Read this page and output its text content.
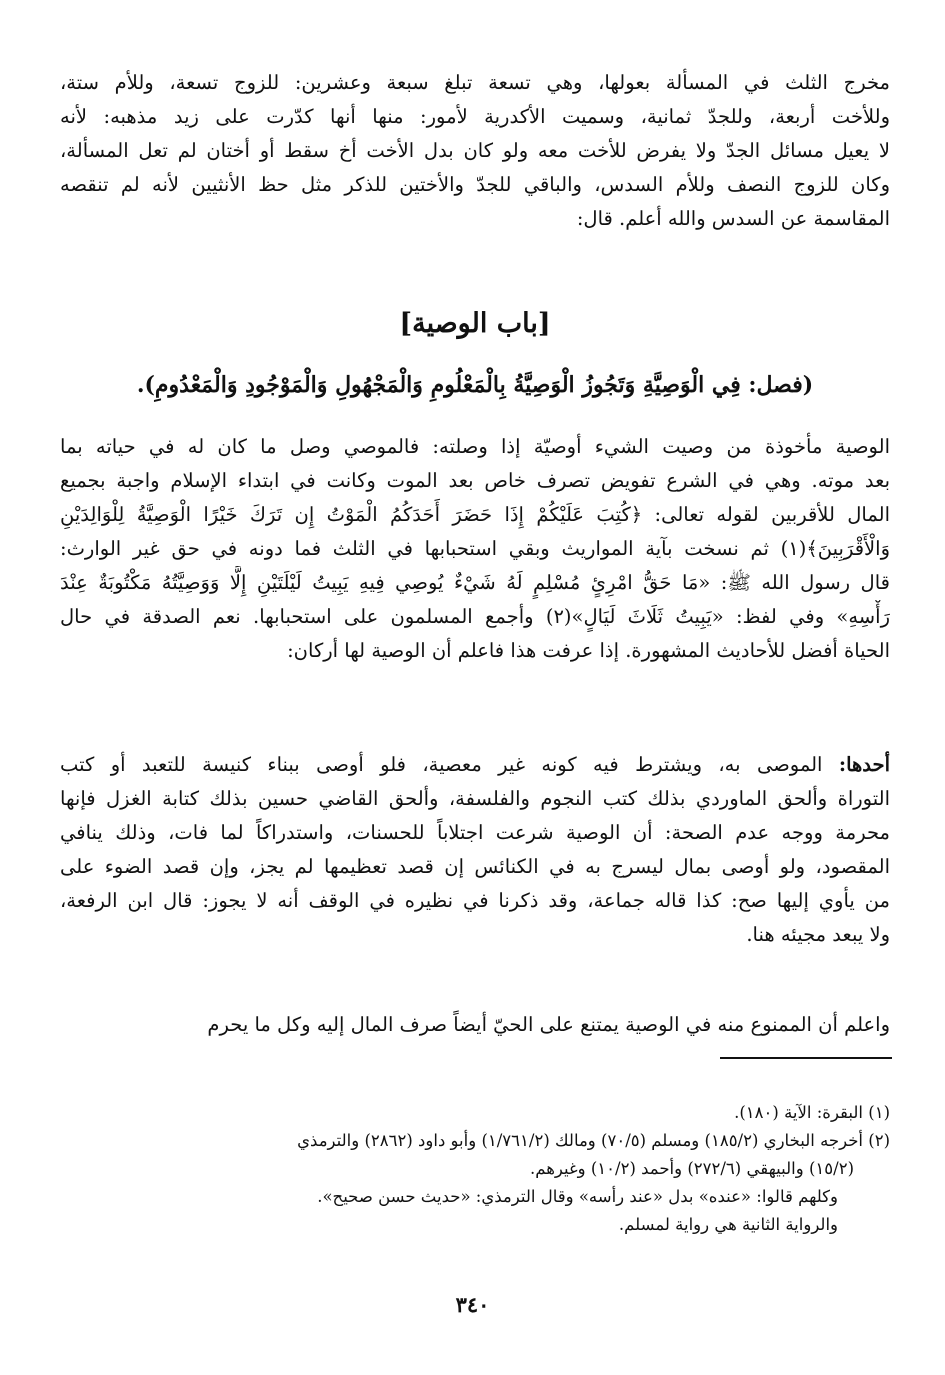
مخرج الثلث في المسألة بعولها، وهي تسعة تبلغ سبعة وعشرين: للزوج تسعة، وللأم ستة،
وللأخت أربعة، وللجدّ ثمانية، وسميت الأكدرية لأمور: منها أنها كدّرت على زيد مذهبه: لأنه
لا يعيل مسائل الجدّ ولا يفرض للأخت معه ولو كان بدل الأخت أخ سقط أو أختان لم تعل المسألة،
وكان للزوج النصف وللأم السدس، والباقي للجدّ والأختين للذكر مثل حظ الأنثيين لأنه لم تنقصه
المقاسمة عن السدس والله أعلم. قال:
[باب الوصية]
(فصل: فِي الْوَصِيَّةِ وَتَجُوزُ الْوَصِيَّةُ بِالْمَعْلُومِ وَالْمَجْهُولِ وَالْمَوْجُودِ وَالْمَعْدُومِ).
الوصية مأخوذة من وصيت الشيء أوصيّة إذا وصلته: فالموصي وصل ما كان له في حياته بما
بعد موته. وهي في الشرع تفويض تصرف خاص بعد الموت وكانت في ابتداء الإسلام واجبة بجميع
المال للأقربين لقوله تعالى: ﴿كُتِبَ عَلَيْكُمْ إِذَا حَضَرَ أَحَدَكُمُ الْمَوْتُ إِن تَرَكَ خَيْرًا الْوَصِيَّةُ لِلْوَالِدَيْنِ
وَالْأَقْرَبِينَ﴾(١) ثم نسخت بآية المواريث وبقي استحبابها في الثلث فما دونه في حق غير الوارث:
قال رسول الله ﷺ: «مَا حَقُّ امْرِئٍ مُسْلِمٍ لَهُ شَيْءٌ يُوصِي فِيهِ يَبِيتُ لَيْلَتَيْنِ إِلَّا وَوَصِيَّتُهُ مَكْتُوبَةٌ عِنْدَ
رَأْسِهِ» وفي لفظ: «يَبِيتُ ثَلَاثَ لَيَالٍ»(٢) وأجمع المسلمون على استحبابها. نعم الصدقة في حال
الحياة أفضل للأحاديث المشهورة. إذا عرفت هذا فاعلم أن الوصية لها أركان:
أحدها: الموصى به، ويشترط فيه كونه غير معصية، فلو أوصى ببناء كنيسة للتعبد أو كتب
التوراة وألحق الماوردي بذلك كتب النجوم والفلسفة، وألحق القاضي حسين بذلك كتابة الغزل فإنها
محرمة ووجه عدم الصحة: أن الوصية شرعت اجتلاباً للحسنات، واستدراكاً لما فات، وذلك ينافي
المقصود، ولو أوصى بمال ليسرج به في الكنائس إن قصد تعظيمها لم يجز، وإن قصد الضوء على
من يأوي إليها صح: كذا قاله جماعة، وقد ذكرنا في نظيره في الوقف أنه لا يجوز: قال ابن الرفعة،
ولا يبعد مجيئه هنا.
واعلم أن الممنوع منه في الوصية يمتنع على الحيّ أيضاً صرف المال إليه وكل ما يحرم
(١) البقرة: الآية (١٨٠).
(٢) أخرجه البخاري (١٨٥/٢) ومسلم (٧٠/٥) ومالك (١/٧٦١/٢) وأبو داود (٢٨٦٢) والترمذي
(١٥/٢) والبيهقي (٢٧٢/٦) وأحمد (١٠/٢) وغيرهم.
وكلهم قالوا: «عنده» بدل «عند رأسه» وقال الترمذي: «حديث حسن صحيح».
والرواية الثانية هي رواية لمسلم.
٣٤٠
